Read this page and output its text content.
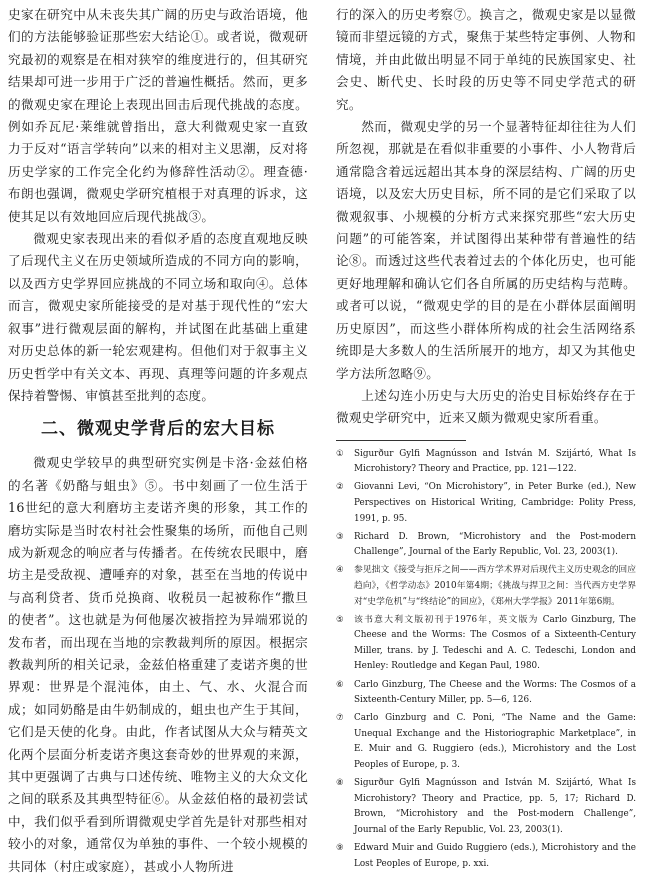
史家在研究中从未丧失其广阔的历史与政治语境，他们的方法能够验证那些宏大结论①。或者说，微观研究最初的观察是在相对狭窄的维度进行的，但其研究结果却可进一步用于广泛的普遍性概括。然而，更多的微观史家在理论上表现出回击后现代挑战的态度。例如乔瓦尼·莱维就曾指出，意大利微观史家一直致力于反对“语言学转向”以来的相对主义思潮，反对将历史学家的工作完全化约为修辞性活动②。理查德·布朗也强调，微观史学研究植根于对真理的诉求，这使其足以有效地回应后现代挑战③。

微观史家表现出来的看似矛盾的态度直观地反映了后现代主义在历史领域所造成的不同方向的影响，以及西方史学界回应挑战的不同立场和取向④。总体而言，微观史家所能接受的是对基于现代性的“宏大叙事”进行微观层面的解构，并试图在此基础上重建对历史总体的新一轮宏观建构。但他们对于叙事主义历史哲学中有关文本、再现、真理等问题的许多观点保持着警惕、审慎甚至批判的态度。

二、微观史学背后的宏大目标

微观史学较早的典型研究实例是卡洛·金兹伯格的名著《奶酪与蛆虫》⑤。书中刻画了一位生活于16世纪的意大利磨坊主麦诺齐奥的形象，其工作的磨坊实际是当时农村社会性聚集的场所，而他自己则成为新观念的响应者与传播者。在传统农民眼中，磨坊主是受敌视、遭唾弃的对象，甚至在当地的传说中与高利贷者、货币兑换商、收税员一起被称作“撒旦的使者”。这也就是为何他屡次被指控为异端邪说的发布者，而出现在当地的宗教裁判所的原因。根据宗教裁判所的相关记录，金兹伯格重建了麦诺齐奥的世界观：世界是个混沌体，由土、气、水、火混合而成；如同奶酪是由牛奶制成的，蛆虫也产生于其间，它们是天使的化身。由此，作者试图从大众与精英文化两个层面分析麦诺齐奥这套奇妙的世界观的来源，其中更强调了古典与口述传统、唯物主义的大众文化之间的联系及其典型特征⑥。从金兹伯格的最初尝试中，我们似乎看到所谓微观史学首先是针对那些相对较小的对象，通常仅为单独的事件、一个较小规模的共同体（村庄或家庭），甚或小人物所进

行的深入的历史考察⑦。换言之，微观史家是以显微镜而非望远镜的方式，聚焦于某些特定事例、人物和情境，并由此做出明显不同于单纯的民族国家史、社会史、断代史、长时段的历史等不同史学范式的研究。

然而，微观史学的另一个显著特征却往往为人们所忽视，那就是在看似非重要的小事件、小人物背后通常隐含着远远超出其本身的深层结构、广阔的历史语境，以及宏大历史目标，所不同的是它们采取了以微观叙事、小规模的分析方式来探究那些“宏大历史问题”的可能答案，并试图得出某种带有普遍性的结论⑧。而透过这些代表着过去的个体化历史，也可能更好地理解和确认它们各自所属的历史结构与范畴。或者可以说，“微观史学的目的是在小群体层面阐明历史原因”，而这些小群体所构成的社会生活网络系统即是大多数人的生活所展开的地方，却又为其他史学方法所忽略⑨。

上述勾连小历史与大历史的治史目标始终存在于微观史学研究中，近来又颇为微观史家所看重。

①	Sigurður Gylfi Magnússon and István M. Szijártó, What Is Microhistory? Theory and Practice, pp. 121—122.
②	Giovanni Levi, “On Microhistory”, in Peter Burke (ed.), New Perspectives on Historical Writing, Cambridge: Polity Press, 1991, p. 95.
③	Richard D. Brown, “Microhistory and the Post-modern Challenge”, Journal of the Early Republic, Vol. 23, 2003(1).
④	参见拙文《接受与拒斥之间——西方学术界对后现代主义历史观念的回应趋向》，《哲学动态》2010年第4期；《挑战与捍卫之间：当代西方史学界对“史学危机”与“终结论”的回应》，《郑州大学学报》2011年第6期。
⑤	该书意大利文版初刊于1976年，英文版为 Carlo Ginzburg, The Cheese and the Worms: The Cosmos of a Sixteenth-Century Miller, trans. by J. Tedeschi and A. C. Tedeschi, London and Henley: Routledge and Kegan Paul, 1980.
⑥	Carlo Ginzburg, The Cheese and the Worms: The Cosmos of a Sixteenth-Century Miller, pp. 5—6, 126.
⑦	Carlo Ginzburg and C. Poni, “The Name and the Game: Unequal Exchange and the Historiographic Marketplace”, in E. Muir and G. Ruggiero (eds.), Microhistory and the Lost Peoples of Europe, p. 3.
⑧	Sigurður Gylfi Magnússon and István M. Szijártó, What Is Microhistory? Theory and Practice, pp. 5, 17; Richard D. Brown, “Microhistory and the Post-modern Challenge”, Journal of the Early Republic, Vol. 23, 2003(1).
⑨	Edward Muir and Guido Ruggiero (eds.), Microhistory and the Lost Peoples of Europe, p. xxi.
